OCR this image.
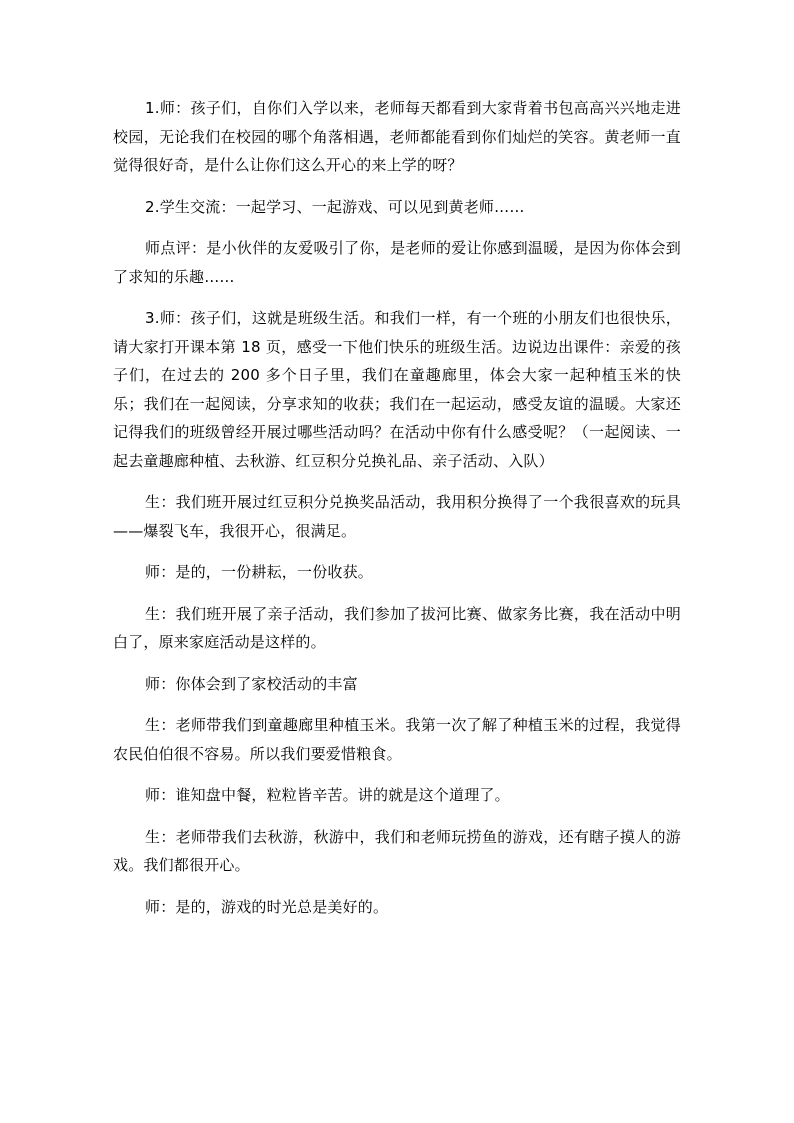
1.师：孩子们，自你们入学以来，老师每天都看到大家背着书包高高兴兴地走进校园，无论我们在校园的哪个角落相遇，老师都能看到你们灿烂的笑容。黄老师一直觉得很好奇，是什么让你们这么开心的来上学的呀？

2.学生交流：一起学习、一起游戏、可以见到黄老师……

师点评：是小伙伴的友爱吸引了你，是老师的爱让你感到温暖，是因为你体会到了求知的乐趣……

3.师：孩子们，这就是班级生活。和我们一样，有一个班的小朋友们也很快乐，请大家打开课本第 18 页，感受一下他们快乐的班级生活。边说边出课件：亲爱的孩子们，在过去的 200 多个日子里，我们在童趣廊里，体会大家一起种植玉米的快乐；我们在一起阅读，分享求知的收获；我们在一起运动，感受友谊的温暖。大家还记得我们的班级曾经开展过哪些活动吗？在活动中你有什么感受呢？（一起阅读、一起去童趣廊种植、去秋游、红豆积分兑换礼品、亲子活动、入队）

生：我们班开展过红豆积分兑换奖品活动，我用积分换得了一个我很喜欢的玩具——爆裂飞车，我很开心，很满足。

师：是的，一份耕耘，一份收获。

生：我们班开展了亲子活动，我们参加了拔河比赛、做家务比赛，我在活动中明白了，原来家庭活动是这样的。

师：你体会到了家校活动的丰富

生：老师带我们到童趣廊里种植玉米。我第一次了解了种植玉米的过程，我觉得农民伯伯很不容易。所以我们要爱惜粮食。

师：谁知盘中餐，粒粒皆辛苦。讲的就是这个道理了。

生：老师带我们去秋游，秋游中，我们和老师玩捞鱼的游戏，还有瞎子摸人的游戏。我们都很开心。

师：是的，游戏的时光总是美好的。
